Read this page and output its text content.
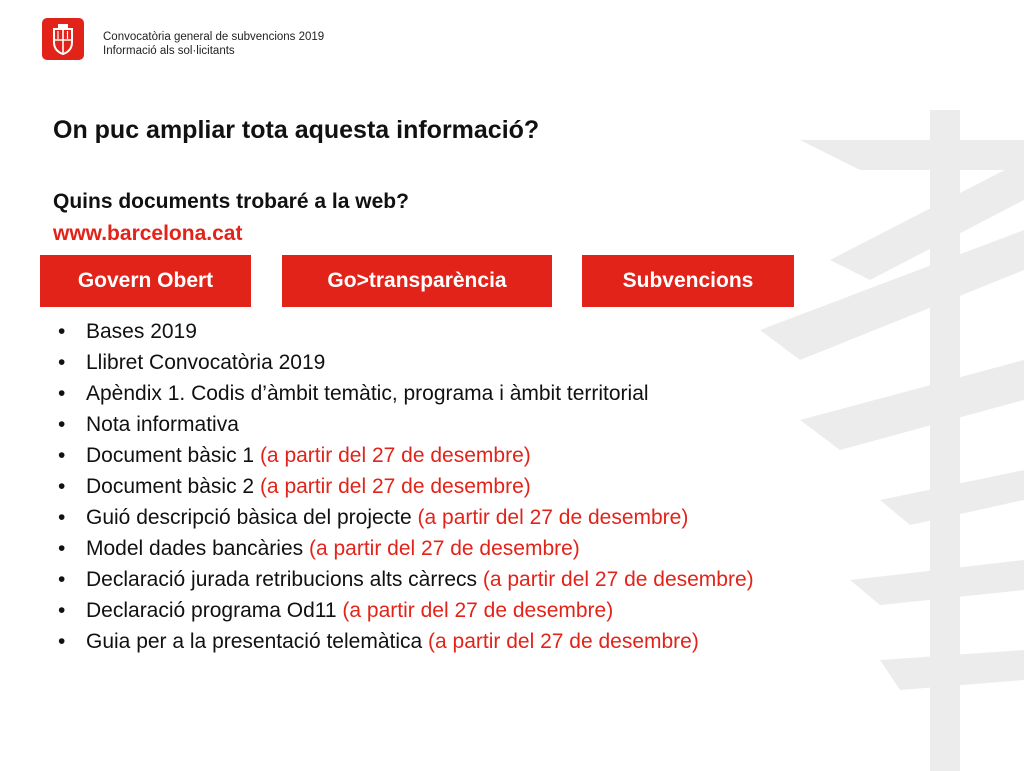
Convocatòria general de subvencions 2019
Informació als sol·licitants
On puc ampliar tota aquesta informació?
Quins documents trobaré a la web?
www.barcelona.cat
Govern Obert	Go>transparència	Subvencions
• Bases 2019
• Llibret Convocatòria 2019
• Apèndix 1. Codis d’àmbit temàtic, programa i àmbit territorial
• Nota informativa
• Document bàsic 1 (a partir del 27 de desembre)
• Document bàsic 2 (a partir del 27 de desembre)
• Guió descripció bàsica del projecte (a partir del 27 de desembre)
• Model dades bancàries (a partir del 27 de desembre)
• Declaració jurada retribucions alts càrrecs (a partir del 27 de desembre)
• Declaració programa Od11 (a partir del 27 de desembre)
• Guia per a la presentació telemàtica (a partir del 27 de desembre)
